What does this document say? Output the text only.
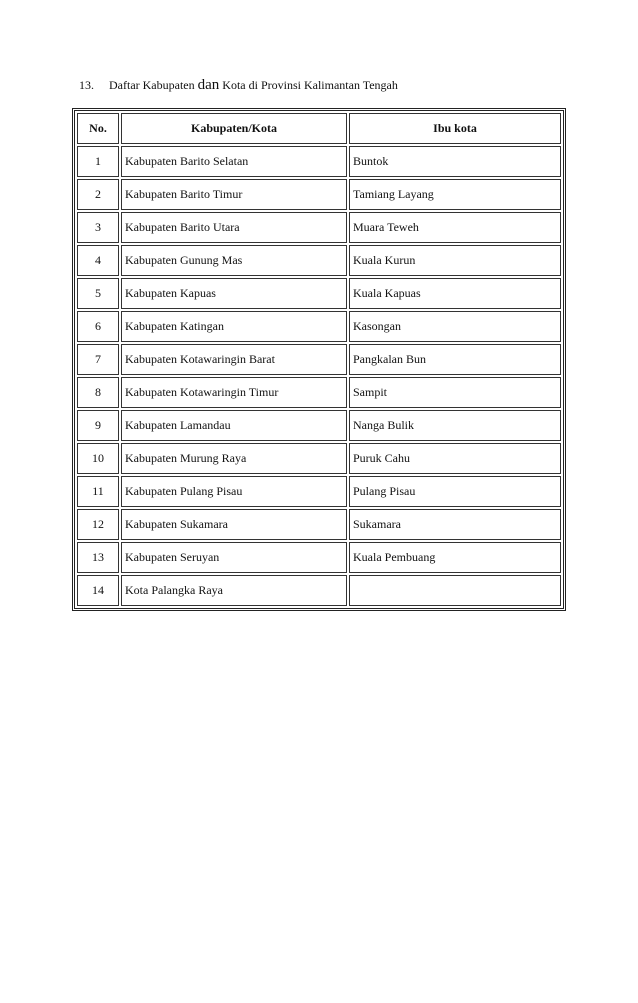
13. Daftar Kabupaten dan Kota di Provinsi Kalimantan Tengah
No.	Kabupaten/Kota	Ibu kota
1	Kabupaten Barito Selatan	Buntok
2	Kabupaten Barito Timur	Tamiang Layang
3	Kabupaten Barito Utara	Muara Teweh
4	Kabupaten Gunung Mas	Kuala Kurun
5	Kabupaten Kapuas	Kuala Kapuas
6	Kabupaten Katingan	Kasongan
7	Kabupaten Kotawaringin Barat	Pangkalan Bun
8	Kabupaten Kotawaringin Timur	Sampit
9	Kabupaten Lamandau	Nanga Bulik
10	Kabupaten Murung Raya	Puruk Cahu
11	Kabupaten Pulang Pisau	Pulang Pisau
12	Kabupaten Sukamara	Sukamara
13	Kabupaten Seruyan	Kuala Pembuang
14	Kota Palangka Raya	
